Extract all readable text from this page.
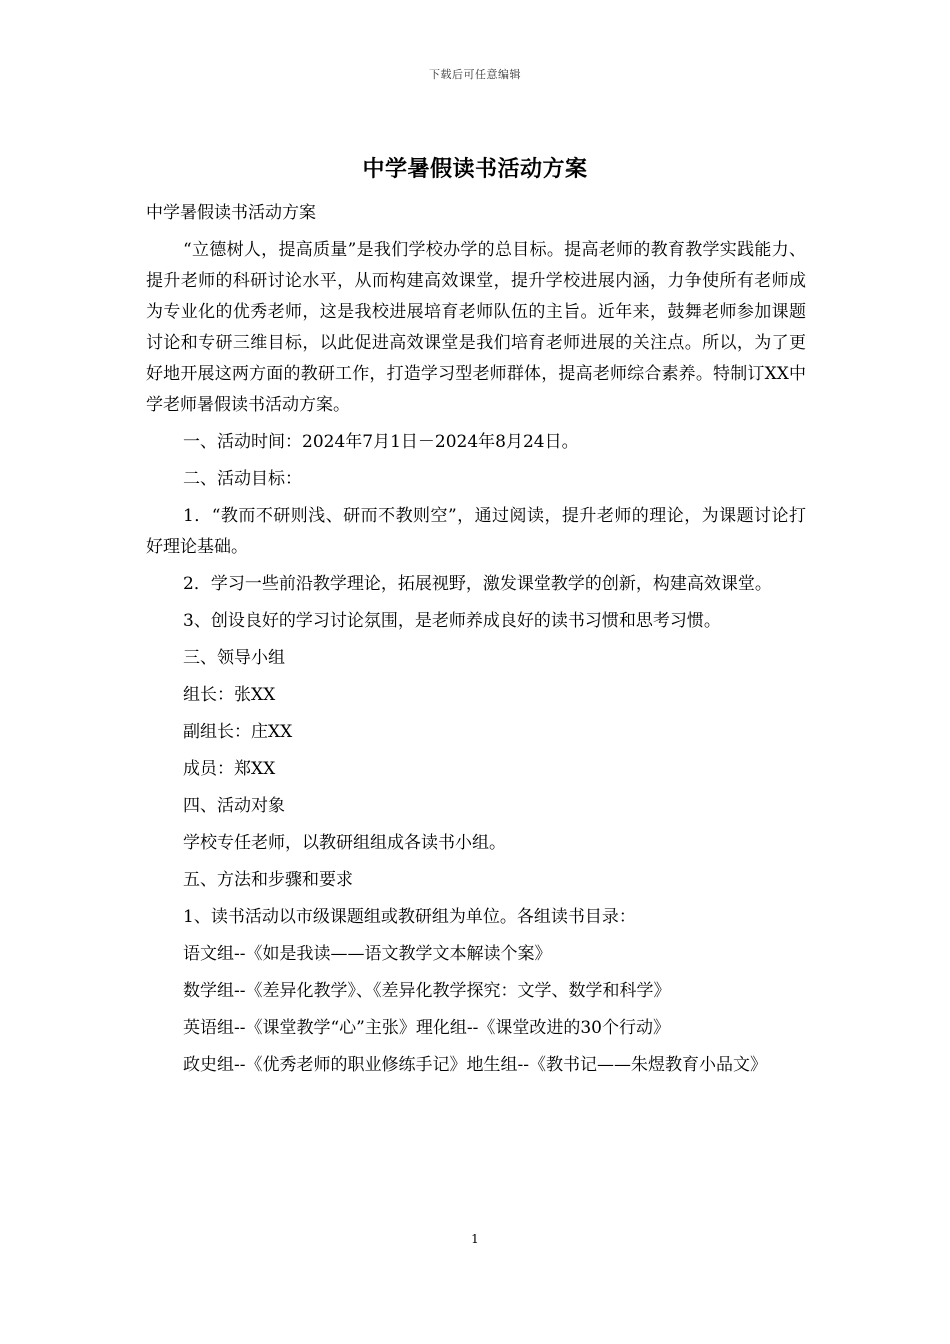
下载后可任意编辑
中学暑假读书活动方案

中学暑假读书活动方案

“立德树人，提高质量”是我们学校办学的总目标。提高老师的教育教学实践能力、提升老师的科研讨论水平，从而构建高效课堂，提升学校进展内涵，力争使所有老师成为专业化的优秀老师，这是我校进展培育老师队伍的主旨。近年来，鼓舞老师参加课题讨论和专研三维目标，以此促进高效课堂是我们培育老师进展的关注点。所以，为了更好地开展这两方面的教研工作，打造学习型老师群体，提高老师综合素养。特制订XX中学老师暑假读书活动方案。

一、活动时间：2024年7月1日－2024年8月24日。

二、活动目标：

1．“教而不研则浅、研而不教则空”，通过阅读，提升老师的理论，为课题讨论打好理论基础。

2．学习一些前沿教学理论，拓展视野，激发课堂教学的创新，构建高效课堂。

3、创设良好的学习讨论氛围，是老师养成良好的读书习惯和思考习惯。

三、领导小组

组长：张XX

副组长：庄XX

成员：郑XX

四、活动对象

学校专任老师，以教研组组成各读书小组。

五、方法和步骤和要求

1、读书活动以市级课题组或教研组为单位。各组读书目录：

语文组--《如是我读——语文教学文本解读个案》

数学组--《差异化教学》、《差异化教学探究：文学、数学和科学》

英语组--《课堂教学“心”主张》理化组--《课堂改进的30个行动》

政史组--《优秀老师的职业修练手记》地生组--《教书记——朱煜教育小品文》

1
